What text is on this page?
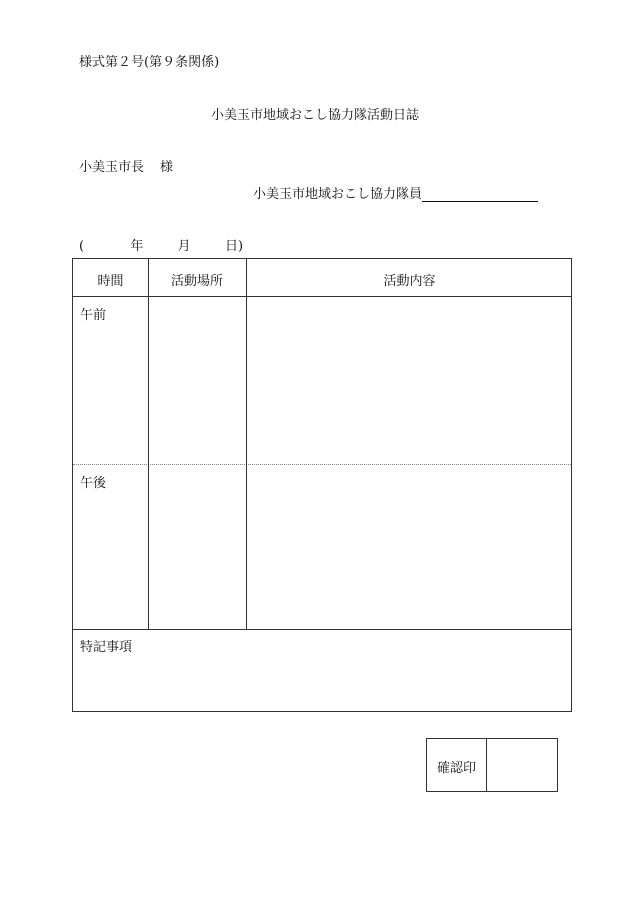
様式第２号(第９条関係)
小美玉市地域おこし協力隊活動日誌
小美玉市長 様
小美玉市地域おこし協力隊員
(	年	月	日)
時間	活動場所	活動内容
午前
午後
特記事項
確認印
